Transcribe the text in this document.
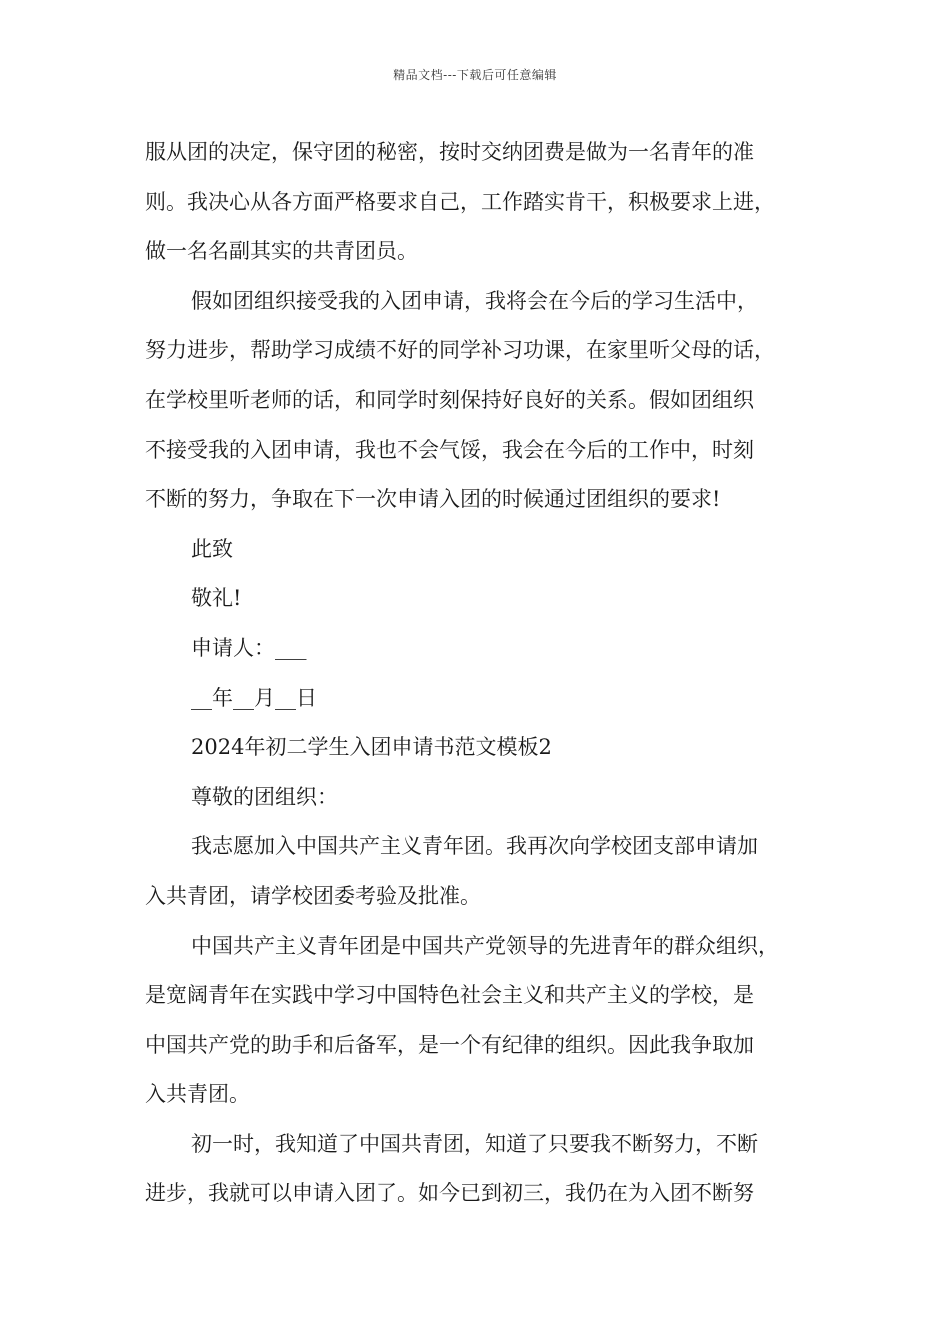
精品文档---下载后可任意编辑
服从团的决定，保守团的秘密，按时交纳团费是做为一名青年的准
则。我决心从各方面严格要求自己，工作踏实肯干，积极要求上进，
做一名名副其实的共青团员。
假如团组织接受我的入团申请，我将会在今后的学习生活中，
努力进步，帮助学习成绩不好的同学补习功课，在家里听父母的话，
在学校里听老师的话，和同学时刻保持好良好的关系。假如团组织
不接受我的入团申请，我也不会气馁，我会在今后的工作中，时刻
不断的努力，争取在下一次申请入团的时候通过团组织的要求!
此致
敬礼!
申请人：___
__年__月__日
2024年初二学生入团申请书范文模板2
尊敬的团组织：
我志愿加入中国共产主义青年团。我再次向学校团支部申请加
入共青团，请学校团委考验及批准。
中国共产主义青年团是中国共产党领导的先进青年的群众组织，
是宽阔青年在实践中学习中国特色社会主义和共产主义的学校，是
中国共产党的助手和后备军，是一个有纪律的组织。因此我争取加
入共青团。
初一时，我知道了中国共青团，知道了只要我不断努力，不断
进步，我就可以申请入团了。如今已到初三，我仍在为入团不断努
